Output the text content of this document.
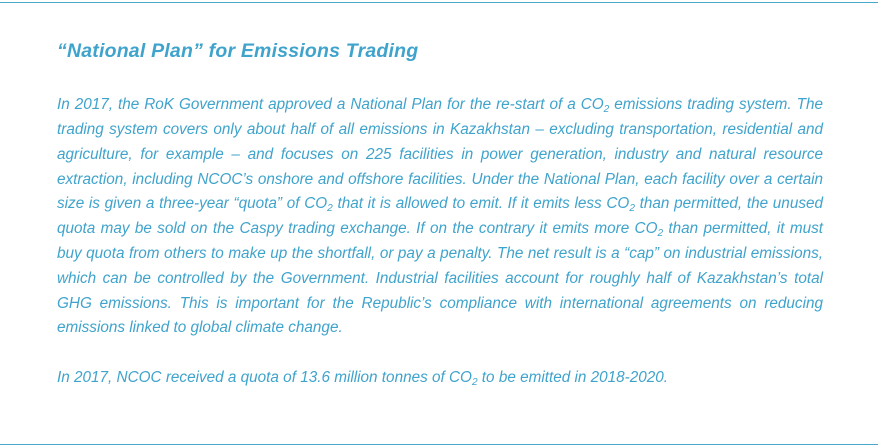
“National Plan” for Emissions Trading

In 2017, the RoK Government approved a National Plan for the re-start of a $CO_2$ emissions trading system. The trading system covers only about half of all emissions in Kazakhstan – excluding transportation, residential and agriculture, for example – and focuses on 225 facilities in power generation, industry and natural resource extraction, including NCOC’s onshore and offshore facilities. Under the National Plan, each facility over a certain size is given a three-year “quota” of $CO_2$ that it is allowed to emit. If it emits less $CO_2$ than permitted, the unused quota may be sold on the Caspy trading exchange. If on the contrary it emits more $CO_2$ than permitted, it must buy quota from others to make up the shortfall, or pay a penalty. The net result is a “cap” on industrial emissions, which can be controlled by the Government. Industrial facilities account for roughly half of Kazakhstan’s total GHG emissions. This is important for the Republic’s compliance with international agreements on reducing emissions linked to global climate change.

In 2017, NCOC received a quota of 13.6 million tonnes of $CO_2$ to be emitted in 2018-2020.
